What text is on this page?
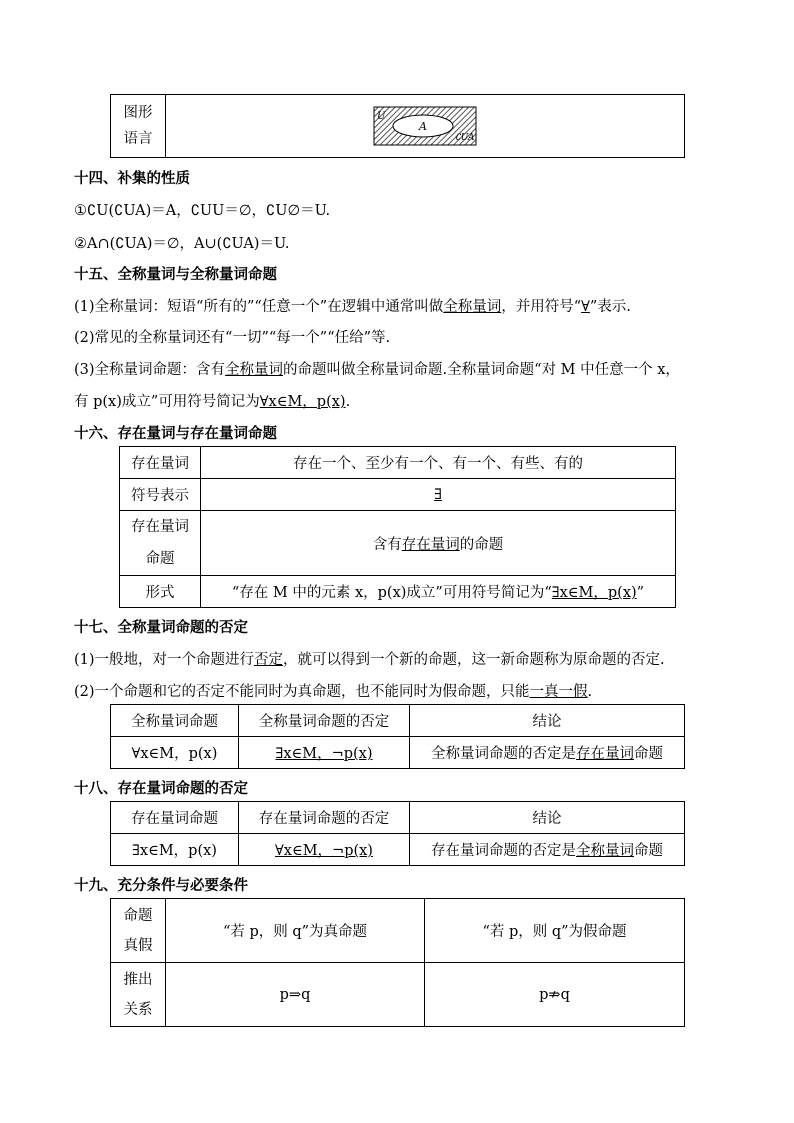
图形语言	
U
A
∁UA
十四、补集的性质
①∁U(∁UA)＝A，∁UU＝∅，∁U∅＝U.
②A∩(∁UA)＝∅，A∪(∁UA)＝U.
十五、全称量词与全称量词命题
(1)全称量词：短语“所有的”“任意一个”在逻辑中通常叫做全称量词，并用符号“∀”表示.
(2)常见的全称量词还有“一切”“每一个”“任给”等.
(3)全称量词命题：含有全称量词的命题叫做全称量词命题.全称量词命题“对 M 中任意一个 x，
有 p(x)成立”可用符号简记为∀x∈M，p(x).
十六、存在量词与存在量词命题
存在量词	存在一个、至少有一个、有一个、有些、有的
符号表示	∃
存在量词命题	含有存在量词的命题
形式	“存在 M 中的元素 x，p(x)成立”可用符号简记为“∃x∈M，p(x)”
十七、全称量词命题的否定
(1)一般地，对一个命题进行否定，就可以得到一个新的命题，这一新命题称为原命题的否定.
(2)一个命题和它的否定不能同时为真命题，也不能同时为假命题，只能一真一假.
全称量词命题	全称量词命题的否定	结论
∀x∈M，p(x)	∃x∈M，¬p(x)	全称量词命题的否定是存在量词命题
十八、存在量词命题的否定
存在量词命题	存在量词命题的否定	结论
∃x∈M，p(x)	∀x∈M，¬p(x)	存在量词命题的否定是全称量词命题
十九、充分条件与必要条件
命题真假	“若 p，则 q”为真命题	“若 p，则 q”为假命题
推出关系	p⇒q	p⇏q
